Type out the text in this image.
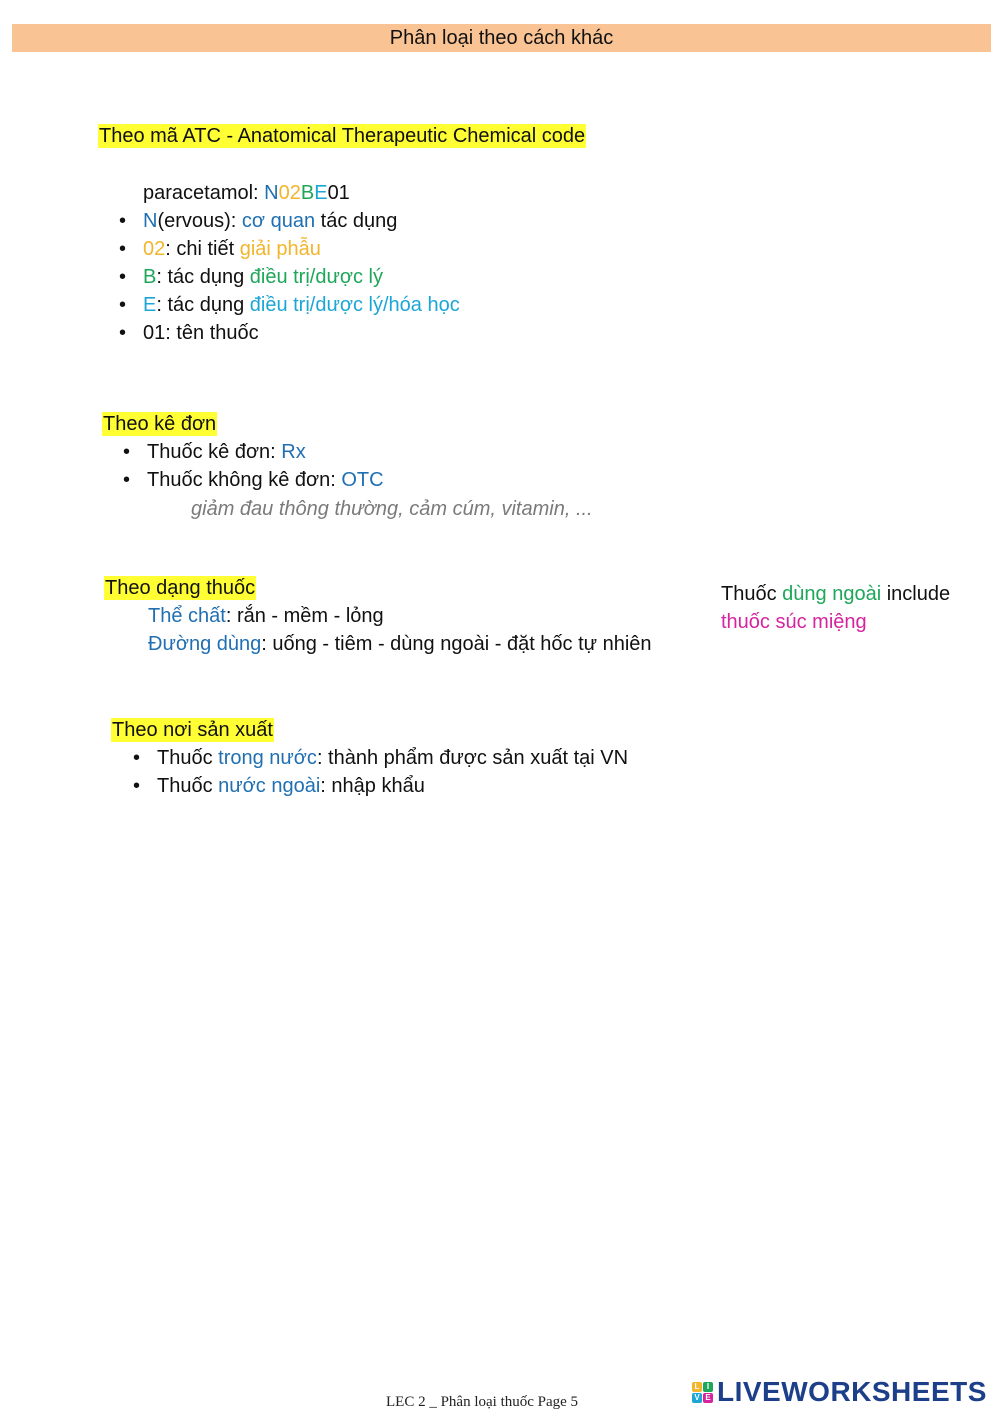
Phân loại theo cách khác
Theo mã ATC - Anatomical Therapeutic Chemical code
paracetamol: N02BE01
• N(ervous): cơ quan tác dụng
• 02: chi tiết giải phẫu
• B: tác dụng điều trị/dược lý
• E: tác dụng điều trị/dược lý/hóa học
• 01: tên thuốc
Theo kê đơn
• Thuốc kê đơn: Rx
• Thuốc không kê đơn: OTC
giảm đau thông thường, cảm cúm, vitamin, ...
Theo dạng thuốc
Thể chất: rắn - mềm - lỏng
Đường dùng: uống - tiêm - dùng ngoài - đặt hốc tự nhiên
Thuốc dùng ngoài include
thuốc súc miệng
Theo nơi sản xuất
• Thuốc trong nước: thành phẩm được sản xuất tại VN
• Thuốc nước ngoài: nhập khẩu
LEC 2 _ Phân loại thuốc Page 5
L I
V E LIVEWORKSHEETS
